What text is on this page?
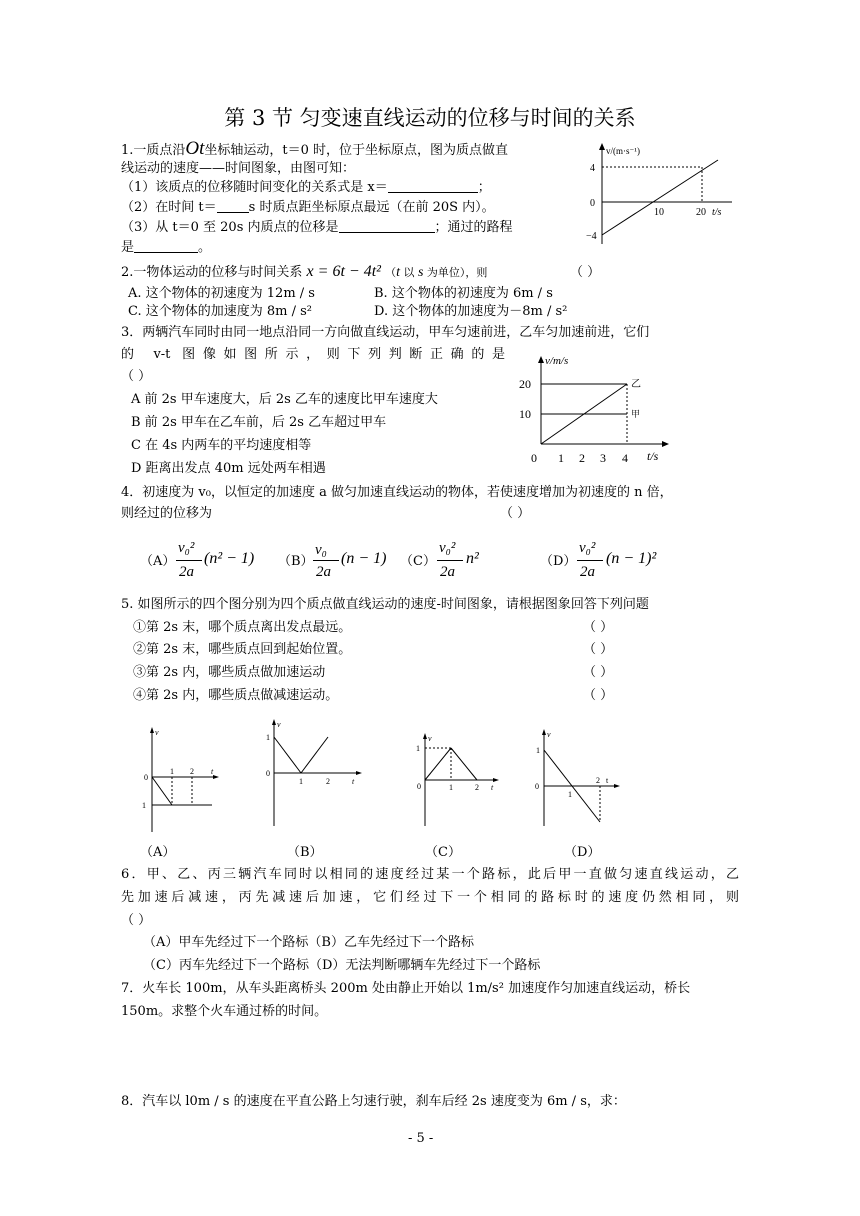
第 3 节 匀变速直线运动的位移与时间的关系
1.一质点沿Ot坐标轴运动，t＝0 时，位于坐标原点，图为质点做直
线运动的速度——时间图象，由图可知：
（1）该质点的位移随时间变化的关系式是 x＝	；
（2）在时间 t＝ s 时质点距坐标原点最远（在前 20S 内）。
（3）从 t＝0 至 20s 内质点的位移是	；通过的路程
是	。
v/(m·s⁻¹)
4
0
−4
10	20 t/s
2.一物体运动的位移与时间关系 x = 6t − 4t² （t 以 s 为单位），则	（ ）
A. 这个物体的初速度为 12m / s	B. 这个物体的初速度为 6m / s
C. 这个物体的加速度为 8m / s²	D. 这个物体的加速度为－8m / s²
3．两辆汽车同时由同一地点沿同一方向做直线运动，甲车匀速前进，乙车匀加速前进，它们
的 v-t 图像如图所示，则下列判断正确的是
（ ）
A 前 2s 甲车速度大，后 2s 乙车的速度比甲车速度大
B 前 2s 甲车在乙车前，后 2s 乙车超过甲车
C 在 4s 内两车的平均速度相等
D 距离出发点 40m 远处两车相遇
v/m/s
20
10
0 1 2 3 4 t/s
乙
甲
4．初速度为 v₀，以恒定的加速度 a 做匀加速直线运动的物体，若使速度增加为初速度的 n 倍，
则经过的位移为	（ ）
（A）
v₀²
2a
(n² − 1) （B）
v₀
2a
(n − 1) （C）
v₀²
2a
n²	（D）
v₀²
2a
(n − 1)²
5. 如图所示的四个图分别为四个质点做直线运动的速度-时间图象，请根据图象回答下列问题
①第 2s 末，哪个质点离出发点最远。	（ ）
②第 2s 末，哪些质点回到起始位置。	（ ）
③第 2s 内，哪些质点做加速运动	（ ）
④第 2s 内，哪些质点做减速运动。	（ ）
v
0
1
1 2 t
v
1
0
1	2	t
v
1
0	1	2 t
v
1
0
1
2 t
（A）	（B）	（C）	（D）
6．甲、乙、丙三辆汽车同时以相同的速度经过某一个路标，此后甲一直做匀速直线运动，乙
先加速后减速，丙先减速后加速，它们经过下一个相同的路标时的速度仍然相同，则
（ ）
（A）甲车先经过下一个路标（B）乙车先经过下一个路标
（C）丙车先经过下一个路标（D）无法判断哪辆车先经过下一个路标
7．火车长 100m，从车头距离桥头 200m 处由静止开始以 1m/s² 加速度作匀加速直线运动，桥长
150m。求整个火车通过桥的时间。
8．汽车以 l0m / s 的速度在平直公路上匀速行驶，刹车后经 2s 速度变为 6m / s，求：
- 5 -
